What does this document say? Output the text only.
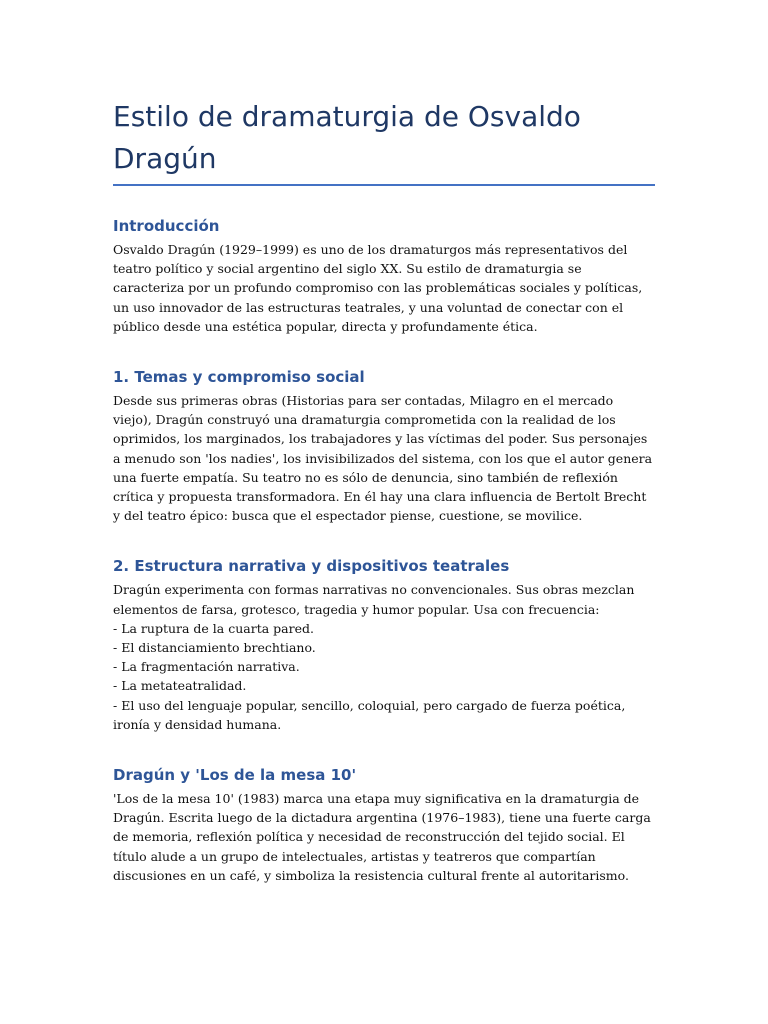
Estilo de dramaturgia de Osvaldo Dragún
Introducción

Osvaldo Dragún (1929–1999) es uno de los dramaturgos más representativos del teatro político y social argentino del siglo XX. Su estilo de dramaturgia se caracteriza por un profundo compromiso con las problemáticas sociales y políticas, un uso innovador de las estructuras teatrales, y una voluntad de conectar con el público desde una estética popular, directa y profundamente ética.

1. Temas y compromiso social

Desde sus primeras obras (Historias para ser contadas, Milagro en el mercado viejo), Dragún construyó una dramaturgia comprometida con la realidad de los oprimidos, los marginados, los trabajadores y las víctimas del poder. Sus personajes a menudo son 'los nadies', los invisibilizados del sistema, con los que el autor genera una fuerte empatía. Su teatro no es sólo de denuncia, sino también de reflexión crítica y propuesta transformadora. En él hay una clara influencia de Bertolt Brecht y del teatro épico: busca que el espectador piense, cuestione, se movilice.

2. Estructura narrativa y dispositivos teatrales

Dragún experimenta con formas narrativas no convencionales. Sus obras mezclan elementos de farsa, grotesco, tragedia y humor popular. Usa con frecuencia:

- La ruptura de la cuarta pared.

- El distanciamiento brechtiano.

- La fragmentación narrativa.

- La metateatralidad.

- El uso del lenguaje popular, sencillo, coloquial, pero cargado de fuerza poética, ironía y densidad humana.

Dragún y 'Los de la mesa 10'

'Los de la mesa 10' (1983) marca una etapa muy significativa en la dramaturgia de Dragún. Escrita luego de la dictadura argentina (1976–1983), tiene una fuerte carga de memoria, reflexión política y necesidad de reconstrucción del tejido social. El título alude a un grupo de intelectuales, artistas y teatreros que compartían discusiones en un café, y simboliza la resistencia cultural frente al autoritarismo.
